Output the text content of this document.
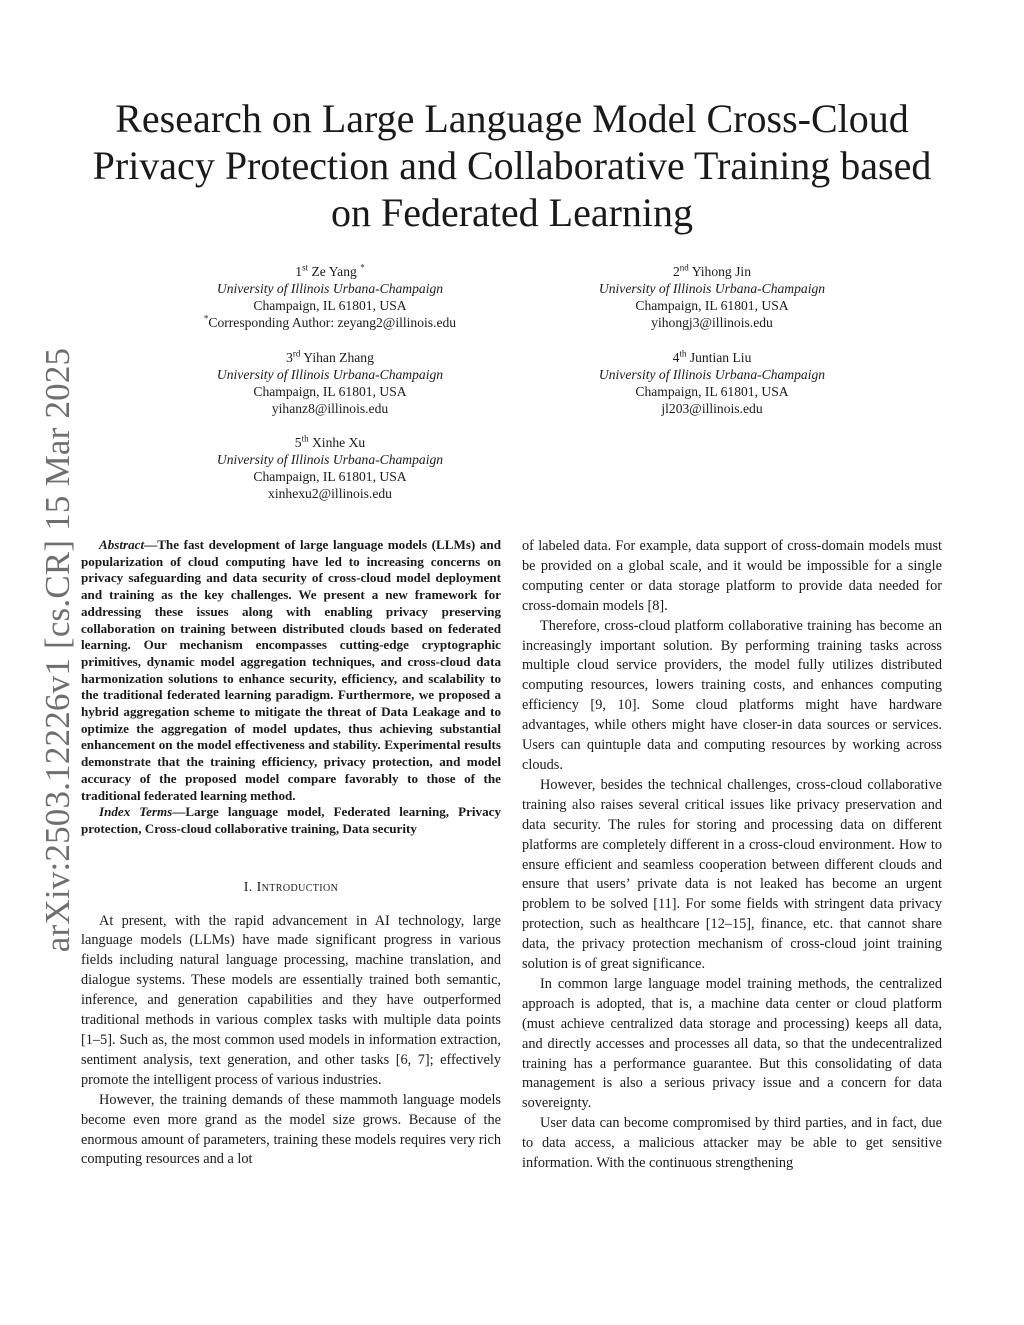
arXiv:2503.12226v1 [cs.CR] 15 Mar 2025
Research on Large Language Model Cross-Cloud
Privacy Protection and Collaborative Training based
on Federated Learning
1st Ze Yang *
University of Illinois Urbana-Champaign
Champaign, IL 61801, USA
*Corresponding Author: zeyang2@illinois.edu
2nd Yihong Jin
University of Illinois Urbana-Champaign
Champaign, IL 61801, USA
yihongj3@illinois.edu
3rd Yihan Zhang
University of Illinois Urbana-Champaign
Champaign, IL 61801, USA
yihanz8@illinois.edu
4th Juntian Liu
University of Illinois Urbana-Champaign
Champaign, IL 61801, USA
jl203@illinois.edu
5th Xinhe Xu
University of Illinois Urbana-Champaign
Champaign, IL 61801, USA
xinhexu2@illinois.edu

Abstract—The fast development of large language models (LLMs) and popularization of cloud computing have led to increasing concerns on privacy safeguarding and data security of cross-cloud model deployment and training as the key challenges. We present a new framework for addressing these issues along with enabling privacy preserving collaboration on training between distributed clouds based on federated learning. Our mechanism encompasses cutting-edge cryptographic primitives, dynamic model aggregation techniques, and cross-cloud data harmonization solutions to enhance security, efficiency, and scalability to the traditional federated learning paradigm. Furthermore, we proposed a hybrid aggregation scheme to mitigate the threat of Data Leakage and to optimize the aggregation of model updates, thus achieving substantial enhancement on the model effectiveness and stability. Experimental results demonstrate that the training efficiency, privacy protection, and model accuracy of the proposed model compare favorably to those of the traditional federated learning method.

Index Terms—Large language model, Federated learning, Privacy protection, Cross-cloud collaborative training, Data security

I. Introduction

At present, with the rapid advancement in AI technology, large language models (LLMs) have made significant progress in various fields including natural language processing, machine translation, and dialogue systems. These models are essentially trained both semantic, inference, and generation capabilities and they have outperformed traditional methods in various complex tasks with multiple data points [1–5]. Such as, the most common used models in information extraction, sentiment analysis, text generation, and other tasks [6, 7]; effectively promote the intelligent process of various industries.

However, the training demands of these mammoth language models become even more grand as the model size grows. Because of the enormous amount of parameters, training these models requires very rich computing resources and a lot

of labeled data. For example, data support of cross-domain models must be provided on a global scale, and it would be impossible for a single computing center or data storage platform to provide data needed for cross-domain models [8].

Therefore, cross-cloud platform collaborative training has become an increasingly important solution. By performing training tasks across multiple cloud service providers, the model fully utilizes distributed computing resources, lowers training costs, and enhances computing efficiency [9, 10]. Some cloud platforms might have hardware advantages, while others might have closer-in data sources or services. Users can quintuple data and computing resources by working across clouds.

However, besides the technical challenges, cross-cloud collaborative training also raises several critical issues like privacy preservation and data security. The rules for storing and processing data on different platforms are completely different in a cross-cloud environment. How to ensure efficient and seamless cooperation between different clouds and ensure that users’ private data is not leaked has become an urgent problem to be solved [11]. For some fields with stringent data privacy protection, such as healthcare [12–15], finance, etc. that cannot share data, the privacy protection mechanism of cross-cloud joint training solution is of great significance.

In common large language model training methods, the centralized approach is adopted, that is, a machine data center or cloud platform (must achieve centralized data storage and processing) keeps all data, and directly accesses and processes all data, so that the undecentralized training has a performance guarantee. But this consolidating of data management is also a serious privacy issue and a concern for data sovereignty.

User data can become compromised by third parties, and in fact, due to data access, a malicious attacker may be able to get sensitive information. With the continuous strengthening
